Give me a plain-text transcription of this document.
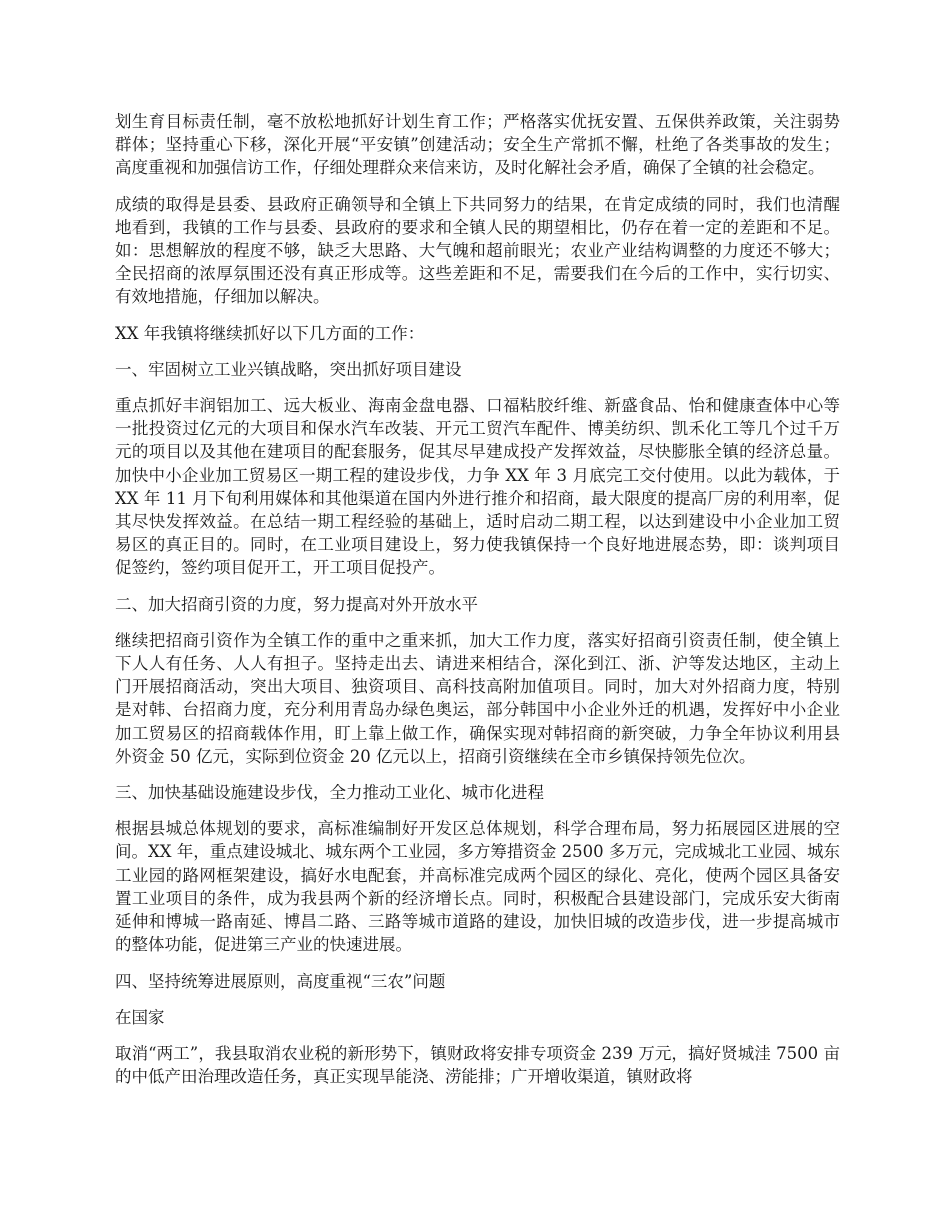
划生育目标责任制，毫不放松地抓好计划生育工作；严格落实优抚安置、五保供养政策，关注弱势群体；坚持重心下移，深化开展“平安镇”创建活动；安全生产常抓不懈，杜绝了各类事故的发生；高度重视和加强信访工作，仔细处理群众来信来访，及时化解社会矛盾，确保了全镇的社会稳定。

成绩的取得是县委、县政府正确领导和全镇上下共同努力的结果，在肯定成绩的同时，我们也清醒地看到，我镇的工作与县委、县政府的要求和全镇人民的期望相比，仍存在着一定的差距和不足。如：思想解放的程度不够，缺乏大思路、大气魄和超前眼光；农业产业结构调整的力度还不够大；全民招商的浓厚氛围还没有真正形成等。这些差距和不足，需要我们在今后的工作中，实行切实、有效地措施，仔细加以解决。

XX 年我镇将继续抓好以下几方面的工作：

一、牢固树立工业兴镇战略，突出抓好项目建设

重点抓好丰润铝加工、远大板业、海南金盘电器、口福粘胶纤维、新盛食品、怡和健康查体中心等一批投资过亿元的大项目和保水汽车改装、开元工贸汽车配件、博美纺织、凯禾化工等几个过千万元的项目以及其他在建项目的配套服务，促其尽早建成投产发挥效益，尽快膨胀全镇的经济总量。加快中小企业加工贸易区一期工程的建设步伐，力争 XX 年 3 月底完工交付使用。以此为载体，于 XX 年 11 月下旬利用媒体和其他渠道在国内外进行推介和招商，最大限度的提高厂房的利用率，促其尽快发挥效益。在总结一期工程经验的基础上，适时启动二期工程，以达到建设中小企业加工贸易区的真正目的。同时，在工业项目建设上，努力使我镇保持一个良好地进展态势，即：谈判项目促签约，签约项目促开工，开工项目促投产。

二、加大招商引资的力度，努力提高对外开放水平

继续把招商引资作为全镇工作的重中之重来抓，加大工作力度，落实好招商引资责任制，使全镇上下人人有任务、人人有担子。坚持走出去、请进来相结合，深化到江、浙、沪等发达地区，主动上门开展招商活动，突出大项目、独资项目、高科技高附加值项目。同时，加大对外招商力度，特别是对韩、台招商力度，充分利用青岛办绿色奥运，部分韩国中小企业外迁的机遇，发挥好中小企业加工贸易区的招商载体作用，盯上靠上做工作，确保实现对韩招商的新突破，力争全年协议利用县外资金 50 亿元，实际到位资金 20 亿元以上，招商引资继续在全市乡镇保持领先位次。

三、加快基础设施建设步伐，全力推动工业化、城市化进程

根据县城总体规划的要求，高标准编制好开发区总体规划，科学合理布局，努力拓展园区进展的空间。XX 年，重点建设城北、城东两个工业园，多方筹措资金 2500 多万元，完成城北工业园、城东工业园的路网框架建设，搞好水电配套，并高标准完成两个园区的绿化、亮化，使两个园区具备安置工业项目的条件，成为我县两个新的经济增长点。同时，积极配合县建设部门，完成乐安大街南延伸和博城一路南延、博昌二路、三路等城市道路的建设，加快旧城的改造步伐，进一步提高城市的整体功能，促进第三产业的快速进展。

四、坚持统筹进展原则，高度重视“三农”问题

在国家

取消“两工”，我县取消农业税的新形势下，镇财政将安排专项资金 239 万元，搞好贤城洼 7500 亩的中低产田治理改造任务，真正实现旱能浇、涝能排；广开增收渠道，镇财政将
